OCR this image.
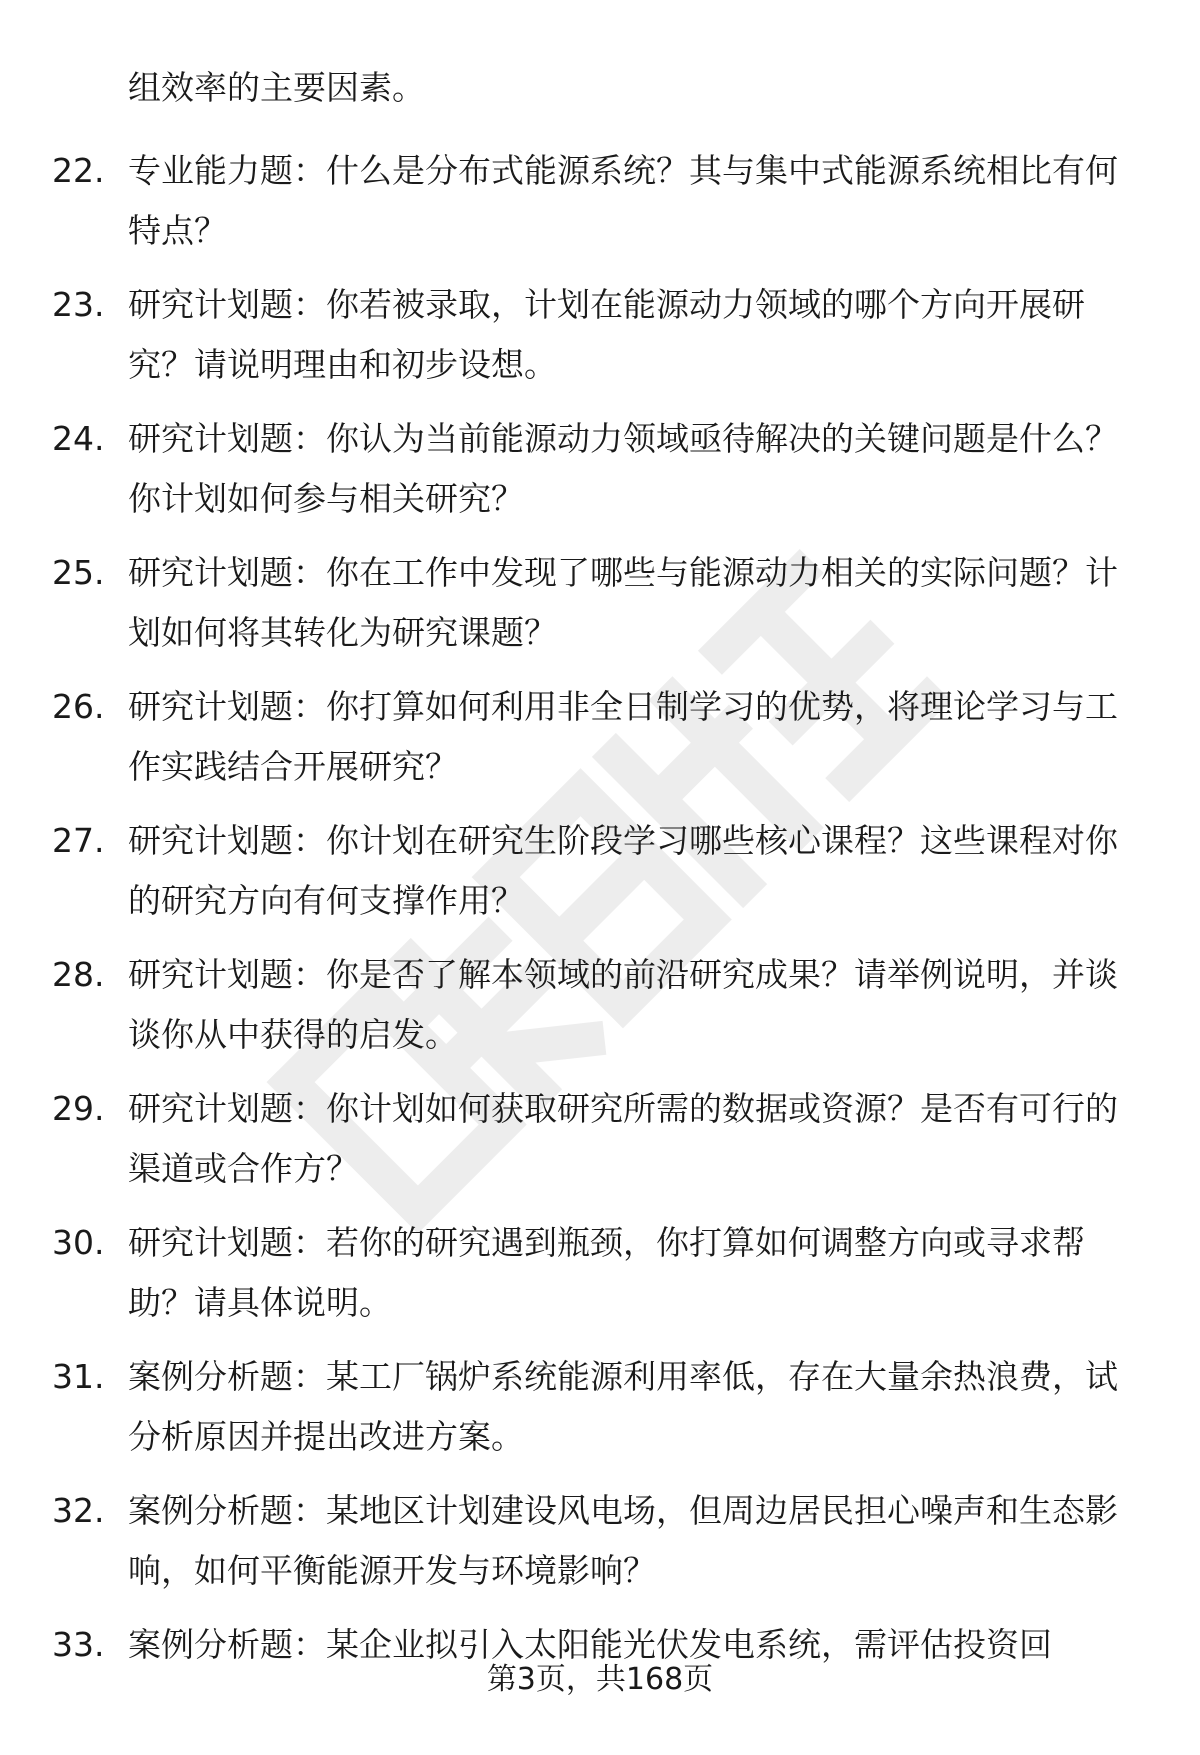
组效率的主要因素。
22. 专业能力题：什么是分布式能源系统？其与集中式能源系统相比有何特点？
23. 研究计划题：你若被录取，计划在能源动力领域的哪个方向开展研究？请说明理由和初步设想。
24. 研究计划题：你认为当前能源动力领域亟待解决的关键问题是什么？你计划如何参与相关研究？
25. 研究计划题：你在工作中发现了哪些与能源动力相关的实际问题？计划如何将其转化为研究课题？
26. 研究计划题：你打算如何利用非全日制学习的优势，将理论学习与工作实践结合开展研究？
27. 研究计划题：你计划在研究生阶段学习哪些核心课程？这些课程对你的研究方向有何支撑作用？
28. 研究计划题：你是否了解本领域的前沿研究成果？请举例说明，并谈谈你从中获得的启发。
29. 研究计划题：你计划如何获取研究所需的数据或资源？是否有可行的渠道或合作方？
30. 研究计划题：若你的研究遇到瓶颈，你打算如何调整方向或寻求帮助？请具体说明。
31. 案例分析题：某工厂锅炉系统能源利用率低，存在大量余热浪费，试分析原因并提出改进方案。
32. 案例分析题：某地区计划建设风电场，但周边居民担心噪声和生态影响，如何平衡能源开发与环境影响？
33. 案例分析题：某企业拟引入太阳能光伏发电系统，需评估投资回
第3页，共168页
